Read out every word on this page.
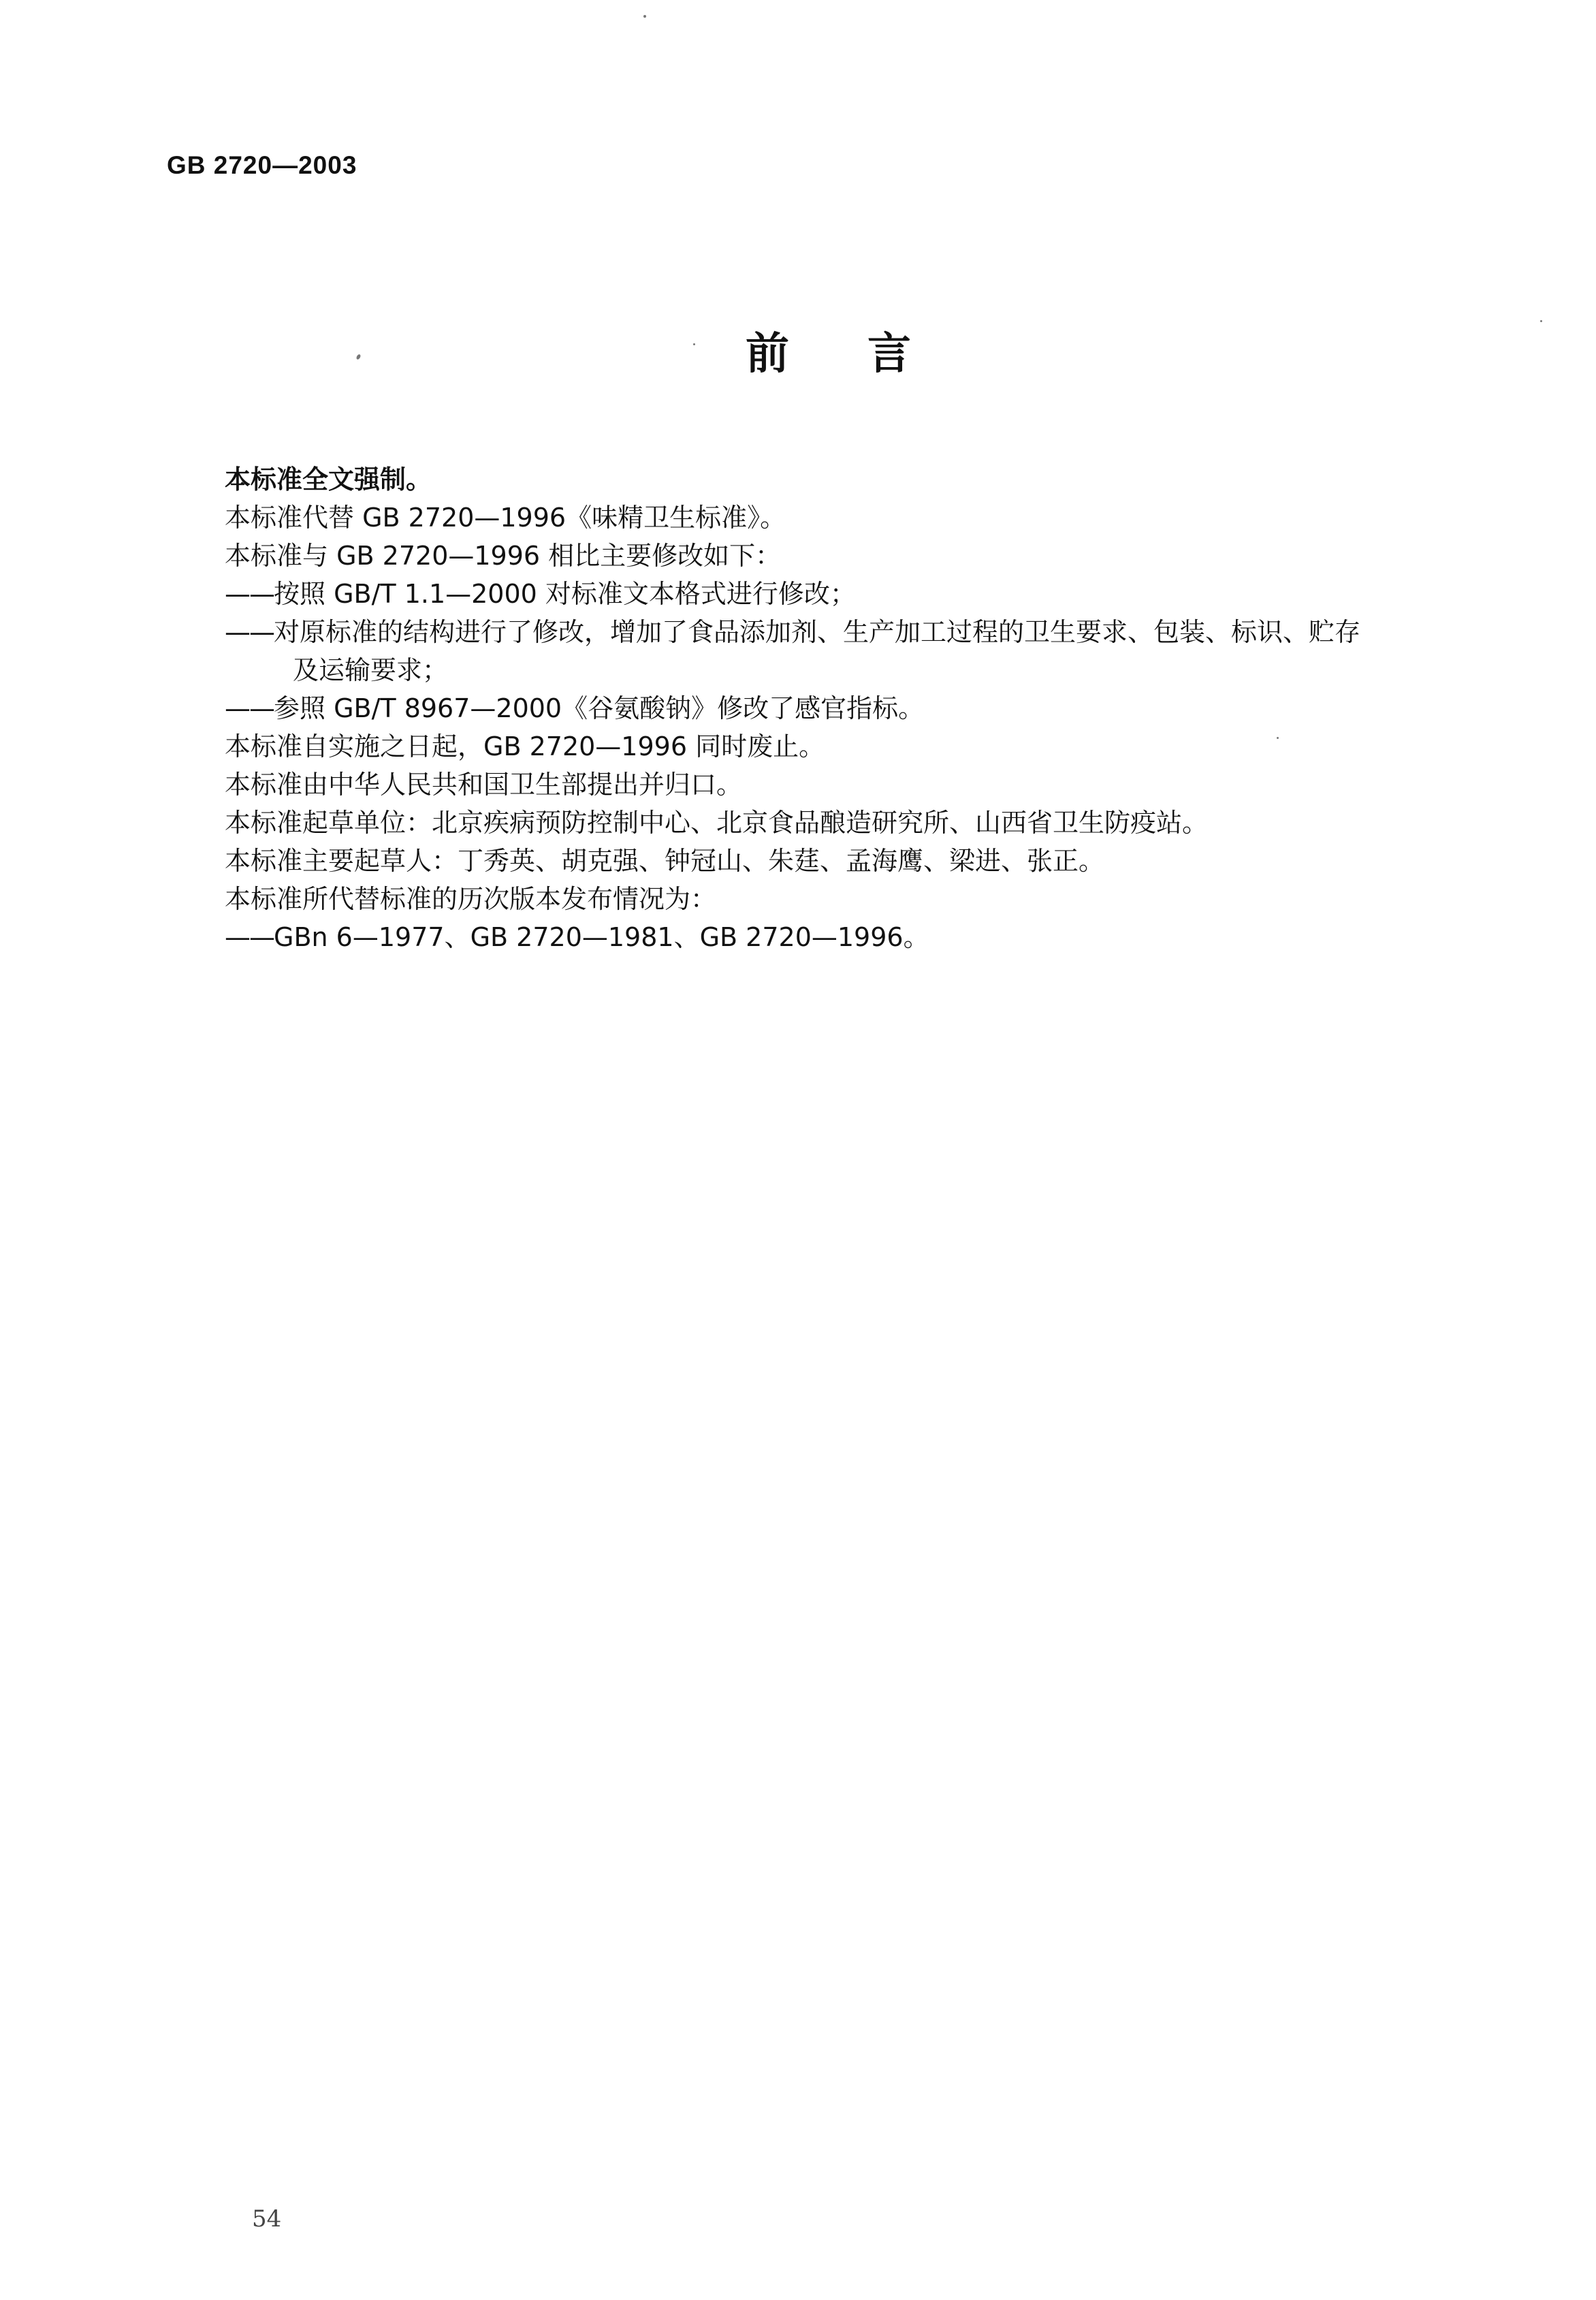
GB 2720—2003
前言
本标准全文强制。
本标准代替 GB 2720—1996《味精卫生标准》。
本标准与 GB 2720—1996 相比主要修改如下：
——按照 GB/T 1.1—2000 对标准文本格式进行修改；
——对原标准的结构进行了修改，增加了食品添加剂、生产加工过程的卫生要求、包装、标识、贮存
及运输要求；
——参照 GB/T 8967—2000《谷氨酸钠》修改了感官指标。
本标准自实施之日起，GB 2720—1996 同时废止。
本标准由中华人民共和国卫生部提出并归口。
本标准起草单位：北京疾病预防控制中心、北京食品酿造研究所、山西省卫生防疫站。
本标准主要起草人：丁秀英、胡克强、钟冠山、朱莛、孟海鹰、梁进、张正。
本标准所代替标准的历次版本发布情况为：
——GBn 6—1977、GB 2720—1981、GB 2720—1996。
54
